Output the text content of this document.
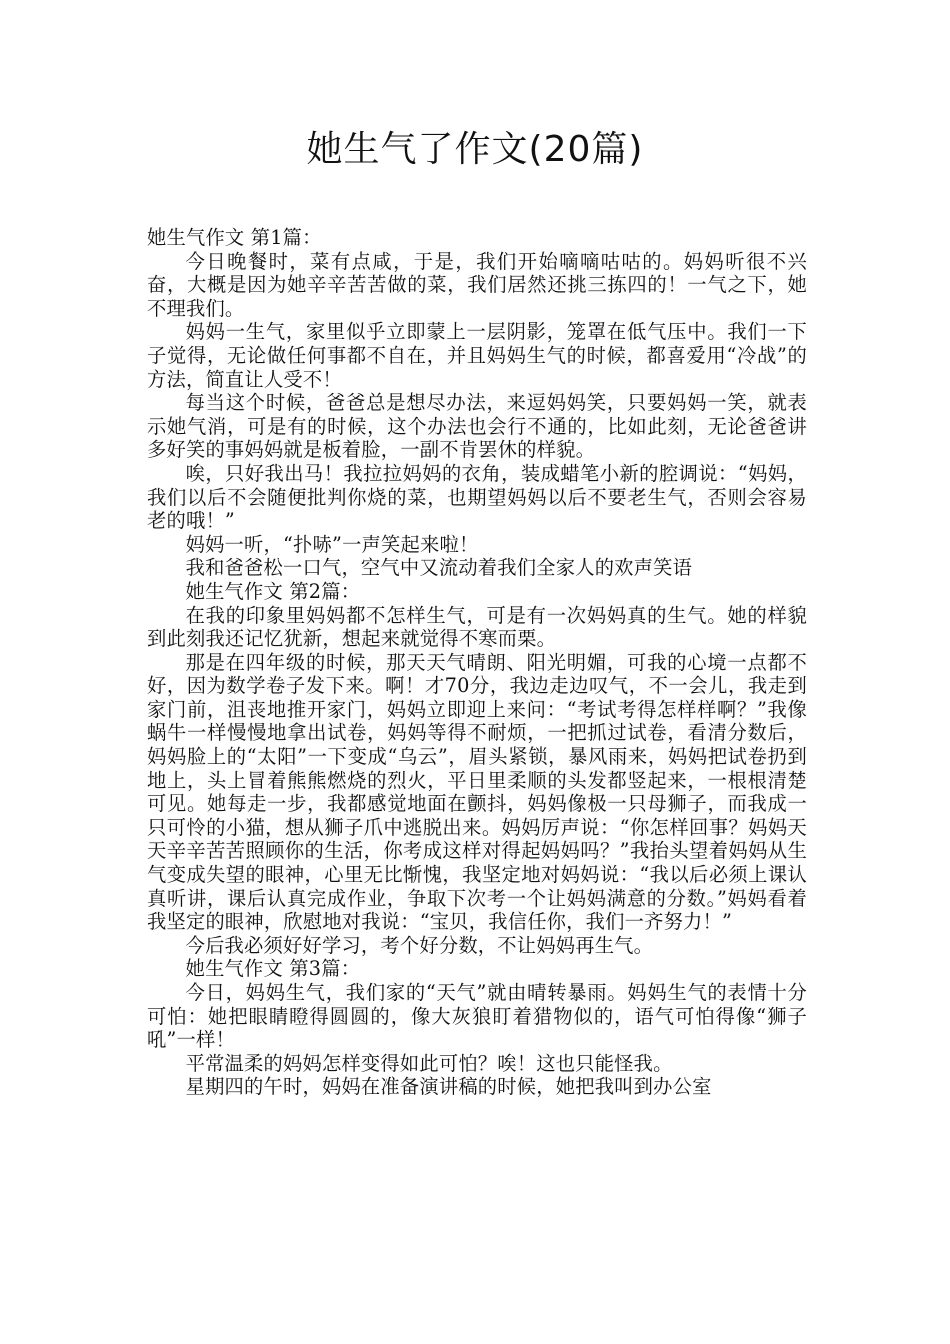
她生气了作文(20篇)

她生气作文 第1篇：

今日晚餐时，菜有点咸，于是，我们开始嘀嘀咕咕的。妈妈听很不兴奋，大概是因为她辛辛苦苦做的菜，我们居然还挑三拣四的！一气之下，她不理我们。

妈妈一生气，家里似乎立即蒙上一层阴影，笼罩在低气压中。我们一下子觉得，无论做任何事都不自在，并且妈妈生气的时候，都喜爱用“冷战”的方法，简直让人受不！

每当这个时候，爸爸总是想尽办法，来逗妈妈笑，只要妈妈一笑，就表示她气消，可是有的时候，这个办法也会行不通的，比如此刻，无论爸爸讲多好笑的事妈妈就是板着脸，一副不肯罢休的样貌。

唉，只好我出马！我拉拉妈妈的衣角，装成蜡笔小新的腔调说：“妈妈，我们以后不会随便批判你烧的菜，也期望妈妈以后不要老生气，否则会容易老的哦！”

妈妈一听，“扑哧”一声笑起来啦！

我和爸爸松一口气，空气中又流动着我们全家人的欢声笑语

她生气作文 第2篇：

在我的印象里妈妈都不怎样生气，可是有一次妈妈真的生气。她的样貌到此刻我还记忆犹新，想起来就觉得不寒而栗。

那是在四年级的时候，那天天气晴朗、阳光明媚，可我的心境一点都不好，因为数学卷子发下来。啊！才70分，我边走边叹气，不一会儿，我走到家门前，沮丧地推开家门，妈妈立即迎上来问：“考试考得怎样样啊？”我像蜗牛一样慢慢地拿出试卷，妈妈等得不耐烦，一把抓过试卷，看清分数后，妈妈脸上的“太阳”一下变成“乌云”，眉头紧锁，暴风雨来，妈妈把试卷扔到地上，头上冒着熊熊燃烧的烈火，平日里柔顺的头发都竖起来，一根根清楚可见。她每走一步，我都感觉地面在颤抖，妈妈像极一只母狮子，而我成一只可怜的小猫，想从狮子爪中逃脱出来。妈妈厉声说：“你怎样回事？妈妈天天辛辛苦苦照顾你的生活，你考成这样对得起妈妈吗？”我抬头望着妈妈从生气变成失望的眼神，心里无比惭愧，我坚定地对妈妈说：“我以后必须上课认真听讲，课后认真完成作业，争取下次考一个让妈妈满意的分数。”妈妈看着我坚定的眼神，欣慰地对我说：“宝贝，我信任你，我们一齐努力！”

今后我必须好好学习，考个好分数，不让妈妈再生气。

她生气作文 第3篇：

今日，妈妈生气，我们家的“天气”就由晴转暴雨。妈妈生气的表情十分可怕：她把眼睛瞪得圆圆的，像大灰狼盯着猎物似的，语气可怕得像“狮子吼”一样！

平常温柔的妈妈怎样变得如此可怕？唉！这也只能怪我。

星期四的午时，妈妈在准备演讲稿的时候，她把我叫到办公室
